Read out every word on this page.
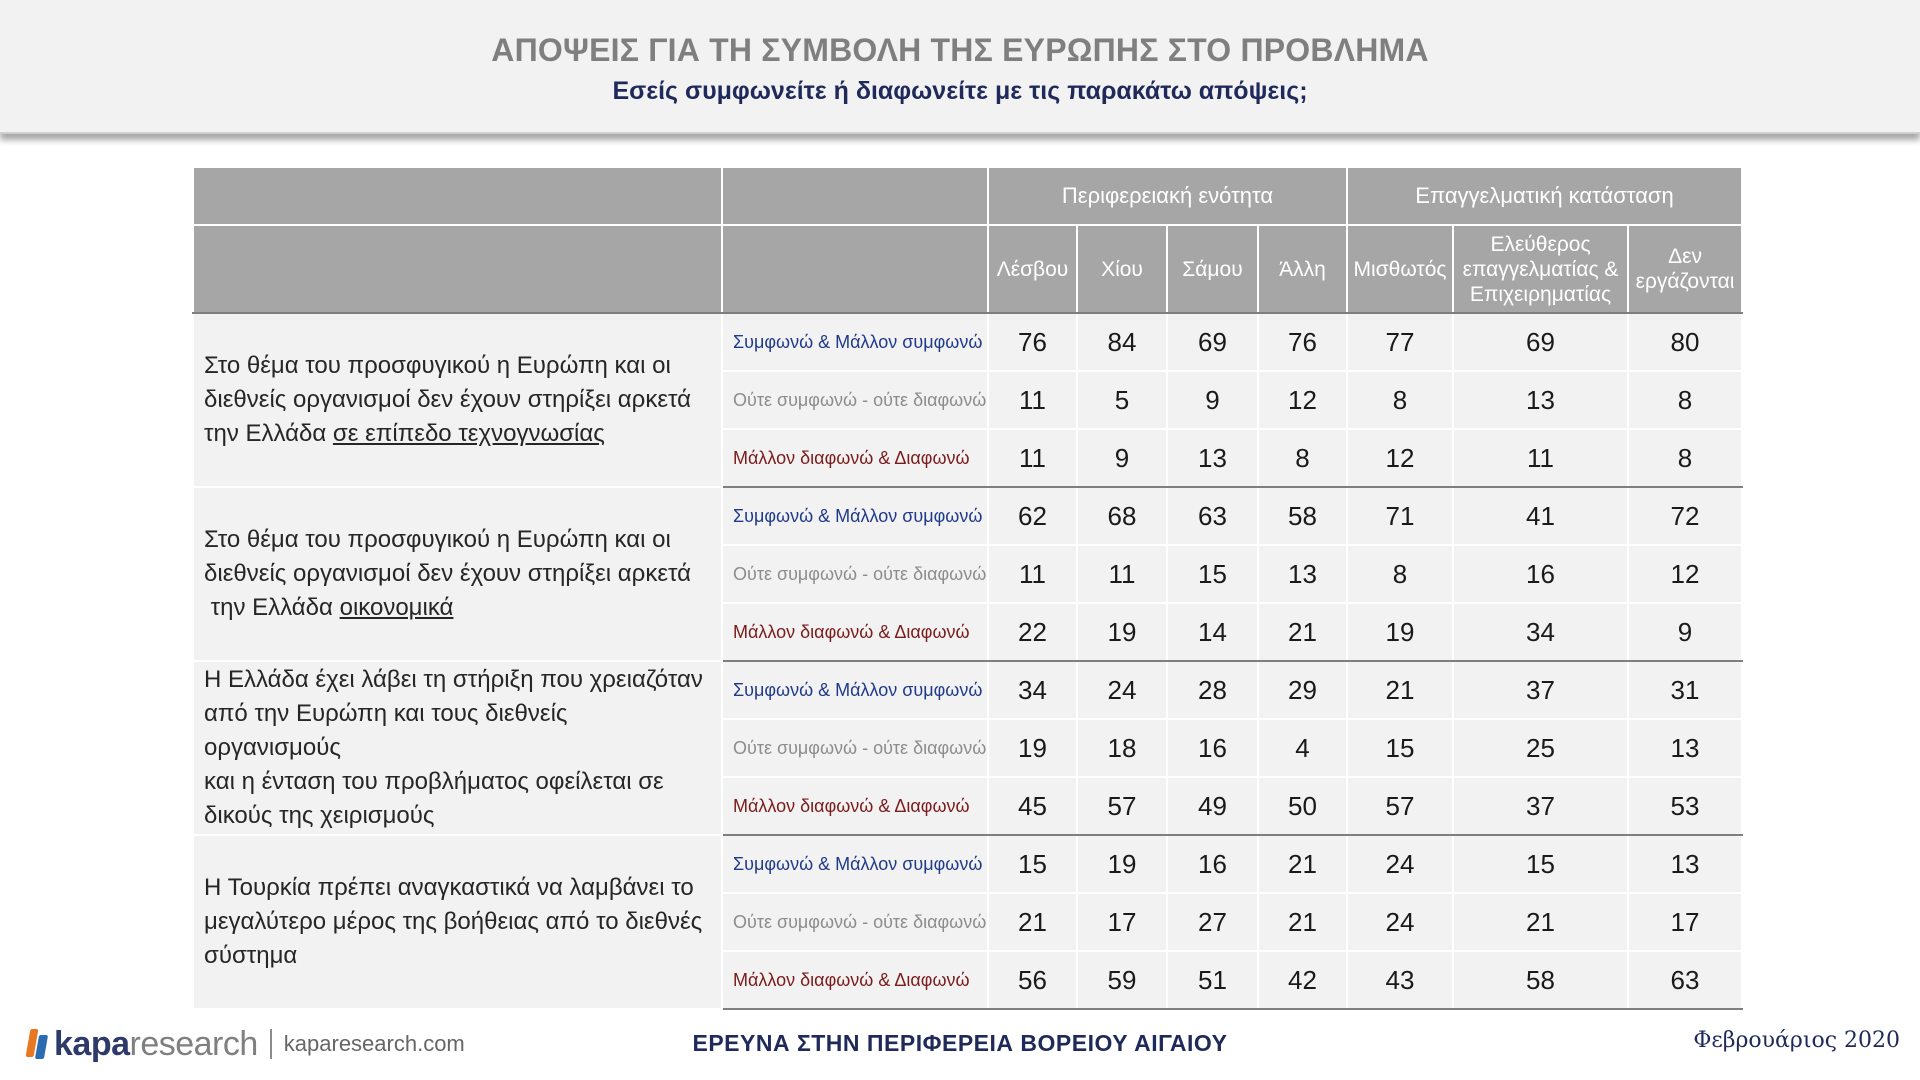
ΑΠΟΨΕΙΣ ΓΙΑ ΤΗ ΣΥΜΒΟΛΗ ΤΗΣ ΕΥΡΩΠΗΣ ΣΤΟ ΠΡΟΒΛΗΜΑ
Εσείς συμφωνείτε ή διαφωνείτε με τις παρακάτω απόψεις;
		Περιφερειακή ενότητα				Επαγγελματική κατάσταση		
		Λέσβου	Χίου	Σάμου	Άλλη	Μισθωτός	Ελεύθερος
επαγγελματίας &
Επιχειρηματίας	Δεν
εργάζονται
Στο θέμα του προσφυγικού η Ευρώπη και οι
διεθνείς οργανισμοί δεν έχουν στηρίξει αρκετά
την Ελλάδα σε επίπεδο τεχνογνωσίας	Συμφωνώ & Μάλλον συμφωνώ	76	84	69	76	77	69	80
	Ούτε συμφωνώ - ούτε διαφωνώ	11	5	9	12	8	13	8
	Μάλλον διαφωνώ & Διαφωνώ	11	9	13	8	12	11	8
Στο θέμα του προσφυγικού η Ευρώπη και οι
διεθνείς οργανισμοί δεν έχουν στηρίξει αρκετά
την Ελλάδα οικονομικά	Συμφωνώ & Μάλλον συμφωνώ	62	68	63	58	71	41	72
	Ούτε συμφωνώ - ούτε διαφωνώ	11	11	15	13	8	16	12
	Μάλλον διαφωνώ & Διαφωνώ	22	19	14	21	19	34	9
Η Ελλάδα έχει λάβει τη στήριξη που χρειαζόταν
από την Ευρώπη και τους διεθνείς οργανισμούς
και η ένταση του προβλήματος οφείλεται σε
δικούς της χειρισμούς	Συμφωνώ & Μάλλον συμφωνώ	34	24	28	29	21	37	31
	Ούτε συμφωνώ - ούτε διαφωνώ	19	18	16	4	15	25	13
	Μάλλον διαφωνώ & Διαφωνώ	45	57	49	50	57	37	53
Η Τουρκία πρέπει αναγκαστικά να λαμβάνει το
μεγαλύτερο μέρος της βοήθειας από το διεθνές
σύστημα	Συμφωνώ & Μάλλον συμφωνώ	15	19	16	21	24	15	13
	Ούτε συμφωνώ - ούτε διαφωνώ	21	17	27	21	24	21	17
	Μάλλον διαφωνώ & Διαφωνώ	56	59	51	42	43	58	63
kaparesearch kaparesearch.com	ΕΡΕΥΝΑ ΣΤΗΝ ΠΕΡΙΦΕΡΕΙΑ ΒΟΡΕΙΟΥ ΑΙΓΑΙΟΥ	Φεβρουάριος 2020
